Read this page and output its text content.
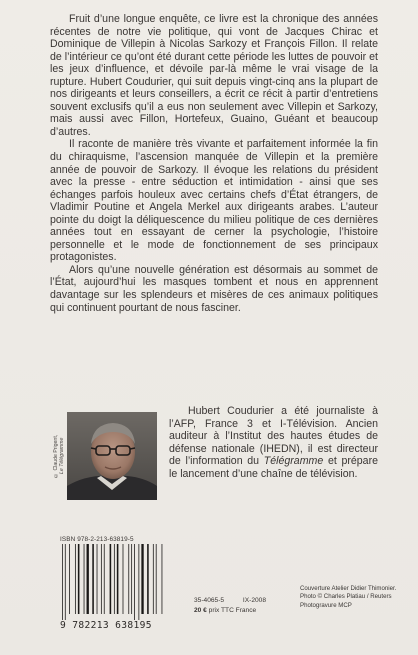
Fruit d’une longue enquête, ce livre est la chronique des années récentes de notre vie politique, qui vont de Jacques Chirac et Dominique de Villepin à Nicolas Sarkozy et François Fillon. Il relate de l’intérieur ce qu’ont été durant cette période les luttes de pouvoir et les jeux d’influence, et dévoile par-là même le vrai visage de la rupture. Hubert Coudurier, qui suit depuis vingt-cinq ans la plupart de nos dirigeants et leurs conseillers, a écrit ce récit à partir d’entretiens souvent exclusifs qu’il a eus non seulement avec Villepin et Sarkozy, mais aussi avec Fillon, Hortefeux, Guaino, Guéant et beaucoup d’autres.

Il raconte de manière très vivante et parfaitement informée la fin du chiraquisme, l’ascension manquée de Villepin et la première année de pouvoir de Sarkozy. Il évoque les relations du président avec la presse - entre séduction et intimidation - ainsi que ses échanges parfois houleux avec certains chefs d’État étrangers, de Vladimir Poutine et Angela Merkel aux dirigeants arabes. L’auteur pointe du doigt la déliquescence du milieu politique de ces dernières années tout en essayant de cerner la psychologie, l’histoire personnelle et le mode de fonctionnement de ses principaux protagonistes.

Alors qu’une nouvelle génération est désormais au sommet de l’État, aujourd’hui les masques tombent et nous en apprennent davantage sur les splendeurs et misères de ces animaux politiques qui continuent pourtant de nous fasciner.

© Claude Prigent, Le Télégramme

Hubert Coudurier a été journaliste à l’AFP, France 3 et I-Télévision. Ancien auditeur à l’Institut des hautes études de défense nationale (IHEDN), il est directeur de l’information du Télégramme et prépare le lancement d’une chaîne de télévision.

ISBN 978-2-213-63819-5
9 782213 638195
35-4065-5	IX-2008
20 € prix TTC France
Couverture Atelier Didier Thimonier.
Photo © Charles Platiau / Reuters
Photogravure MCP
